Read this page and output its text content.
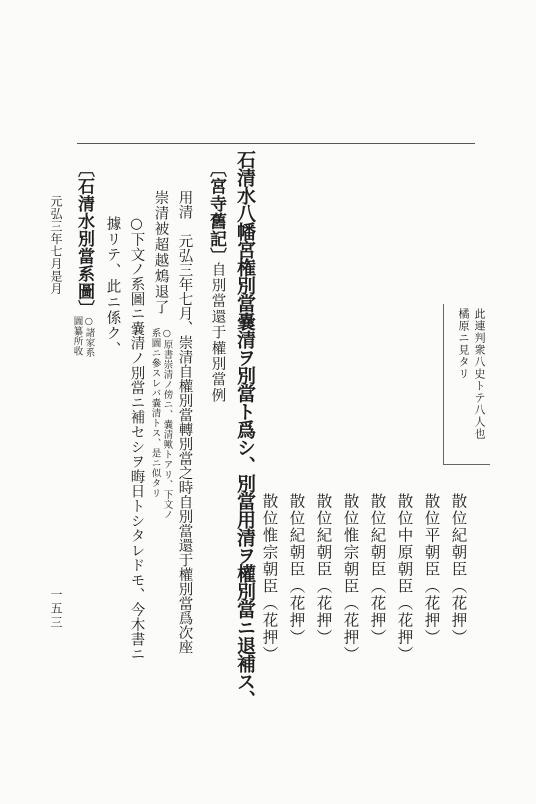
散位紀朝臣（花押）
散位平朝臣（花押）
散位中原朝臣（花押）
散位紀朝臣（花押）
散位惟宗朝臣（花押）
散位紀朝臣（花押）
散位紀朝臣（花押）
散位惟宗朝臣（花押）
此連判衆八史トテ八人也
橘原ニ見タリ
石清水八幡宮権別當嚢清ヲ別當ト爲シ、別當用清ヲ權別當ニ退補ス、
〔宮寺舊記〕
自別當還于權別當例
用清　元弘三年七月、崇清自權別當轉別當之時自別當還于權別當爲次座
崇清被超越鴆退了
○原書崇清ノ傍ニ、嚢清歟トアリ、下文ノ
系圖ニ參スレバ嚢清トス、是ニ似タリ
○下文ノ系圖ニ嚢清ノ別當ニ補セシヲ晦日トシタレドモ、今木書ニ
據リテ、此ニ係ク、
〔石清水別當系圖〕
○諸家系
圖纂所收
元弘三年七月是月
一五三
